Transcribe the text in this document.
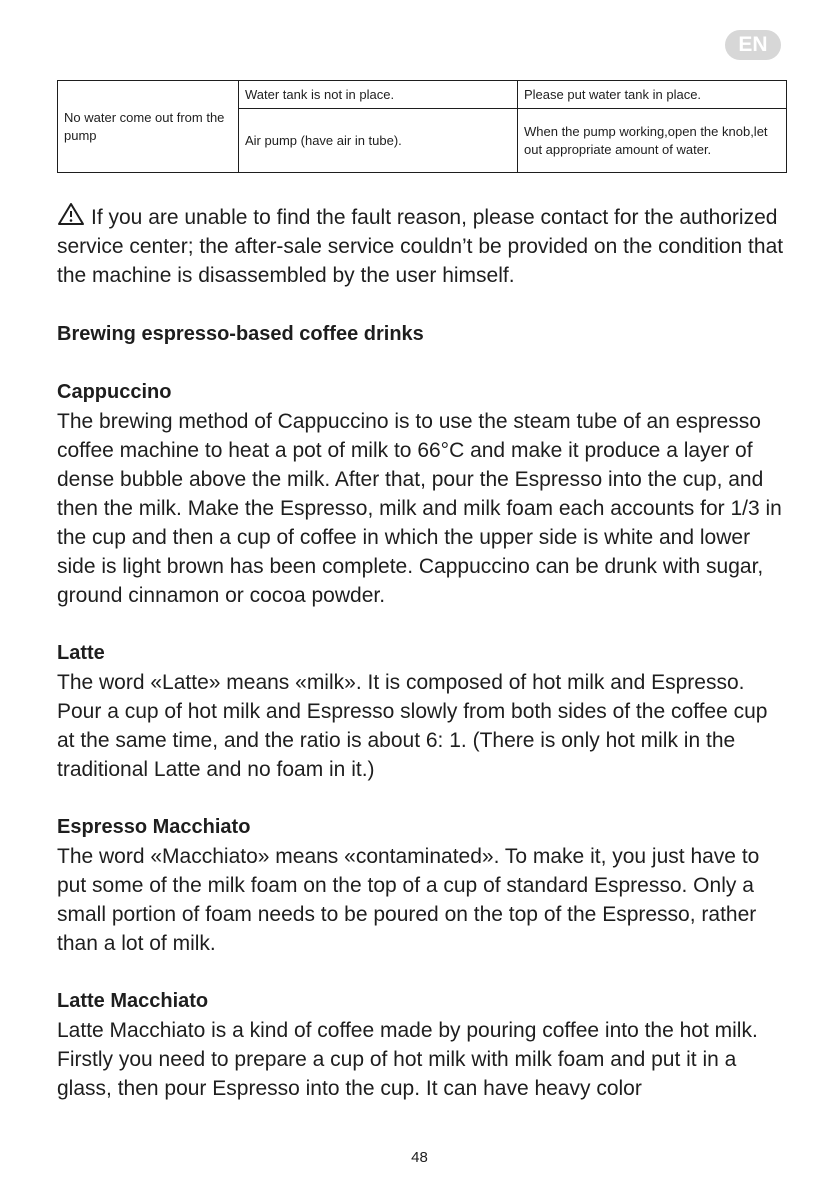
EN
No water come out from the pump	Water tank is not in place.	Please put water tank in place.
	Air pump (have air in tube).	When the pump working,open the knob,let out appropriate amount of water.

If you are unable to find the fault reason, please contact for the authorized service center; the after-sale service couldn’t be provided on the condition that the machine is disassembled by the user himself.

Brewing espresso-based coffee drinks
Cappuccino

The brewing method of Cappuccino is to use the steam tube of an espresso coffee machine to heat a pot of milk to 66°C and make it produce a layer of dense bubble above the milk. After that, pour the Espresso into the cup, and then the milk. Make the Espresso, milk and milk foam each accounts for 1/3 in the cup and then a cup of coffee in which the upper side is white and lower side is light brown has been complete. Cappuccino can be drunk with sugar, ground cinnamon or cocoa powder.

Latte

The word «Latte» means «milk». It is composed of hot milk and Espresso. Pour a cup of hot milk and Espresso slowly from both sides of the coffee cup at the same time, and the ratio is about 6: 1. (There is only hot milk in the traditional Latte and no foam in it.)

Espresso Macchiato

The word «Macchiato» means «contaminated». To make it, you just have to put some of the milk foam on the top of a cup of standard Espresso. Only a small portion of foam needs to be poured on the top of the Espresso, rather than a lot of milk.

Latte Macchiato

Latte Macchiato is a kind of coffee made by pouring coffee into the hot milk. Firstly you need to prepare a cup of hot milk with milk foam and put it in a glass, then pour Espresso into the cup. It can have heavy color

48
